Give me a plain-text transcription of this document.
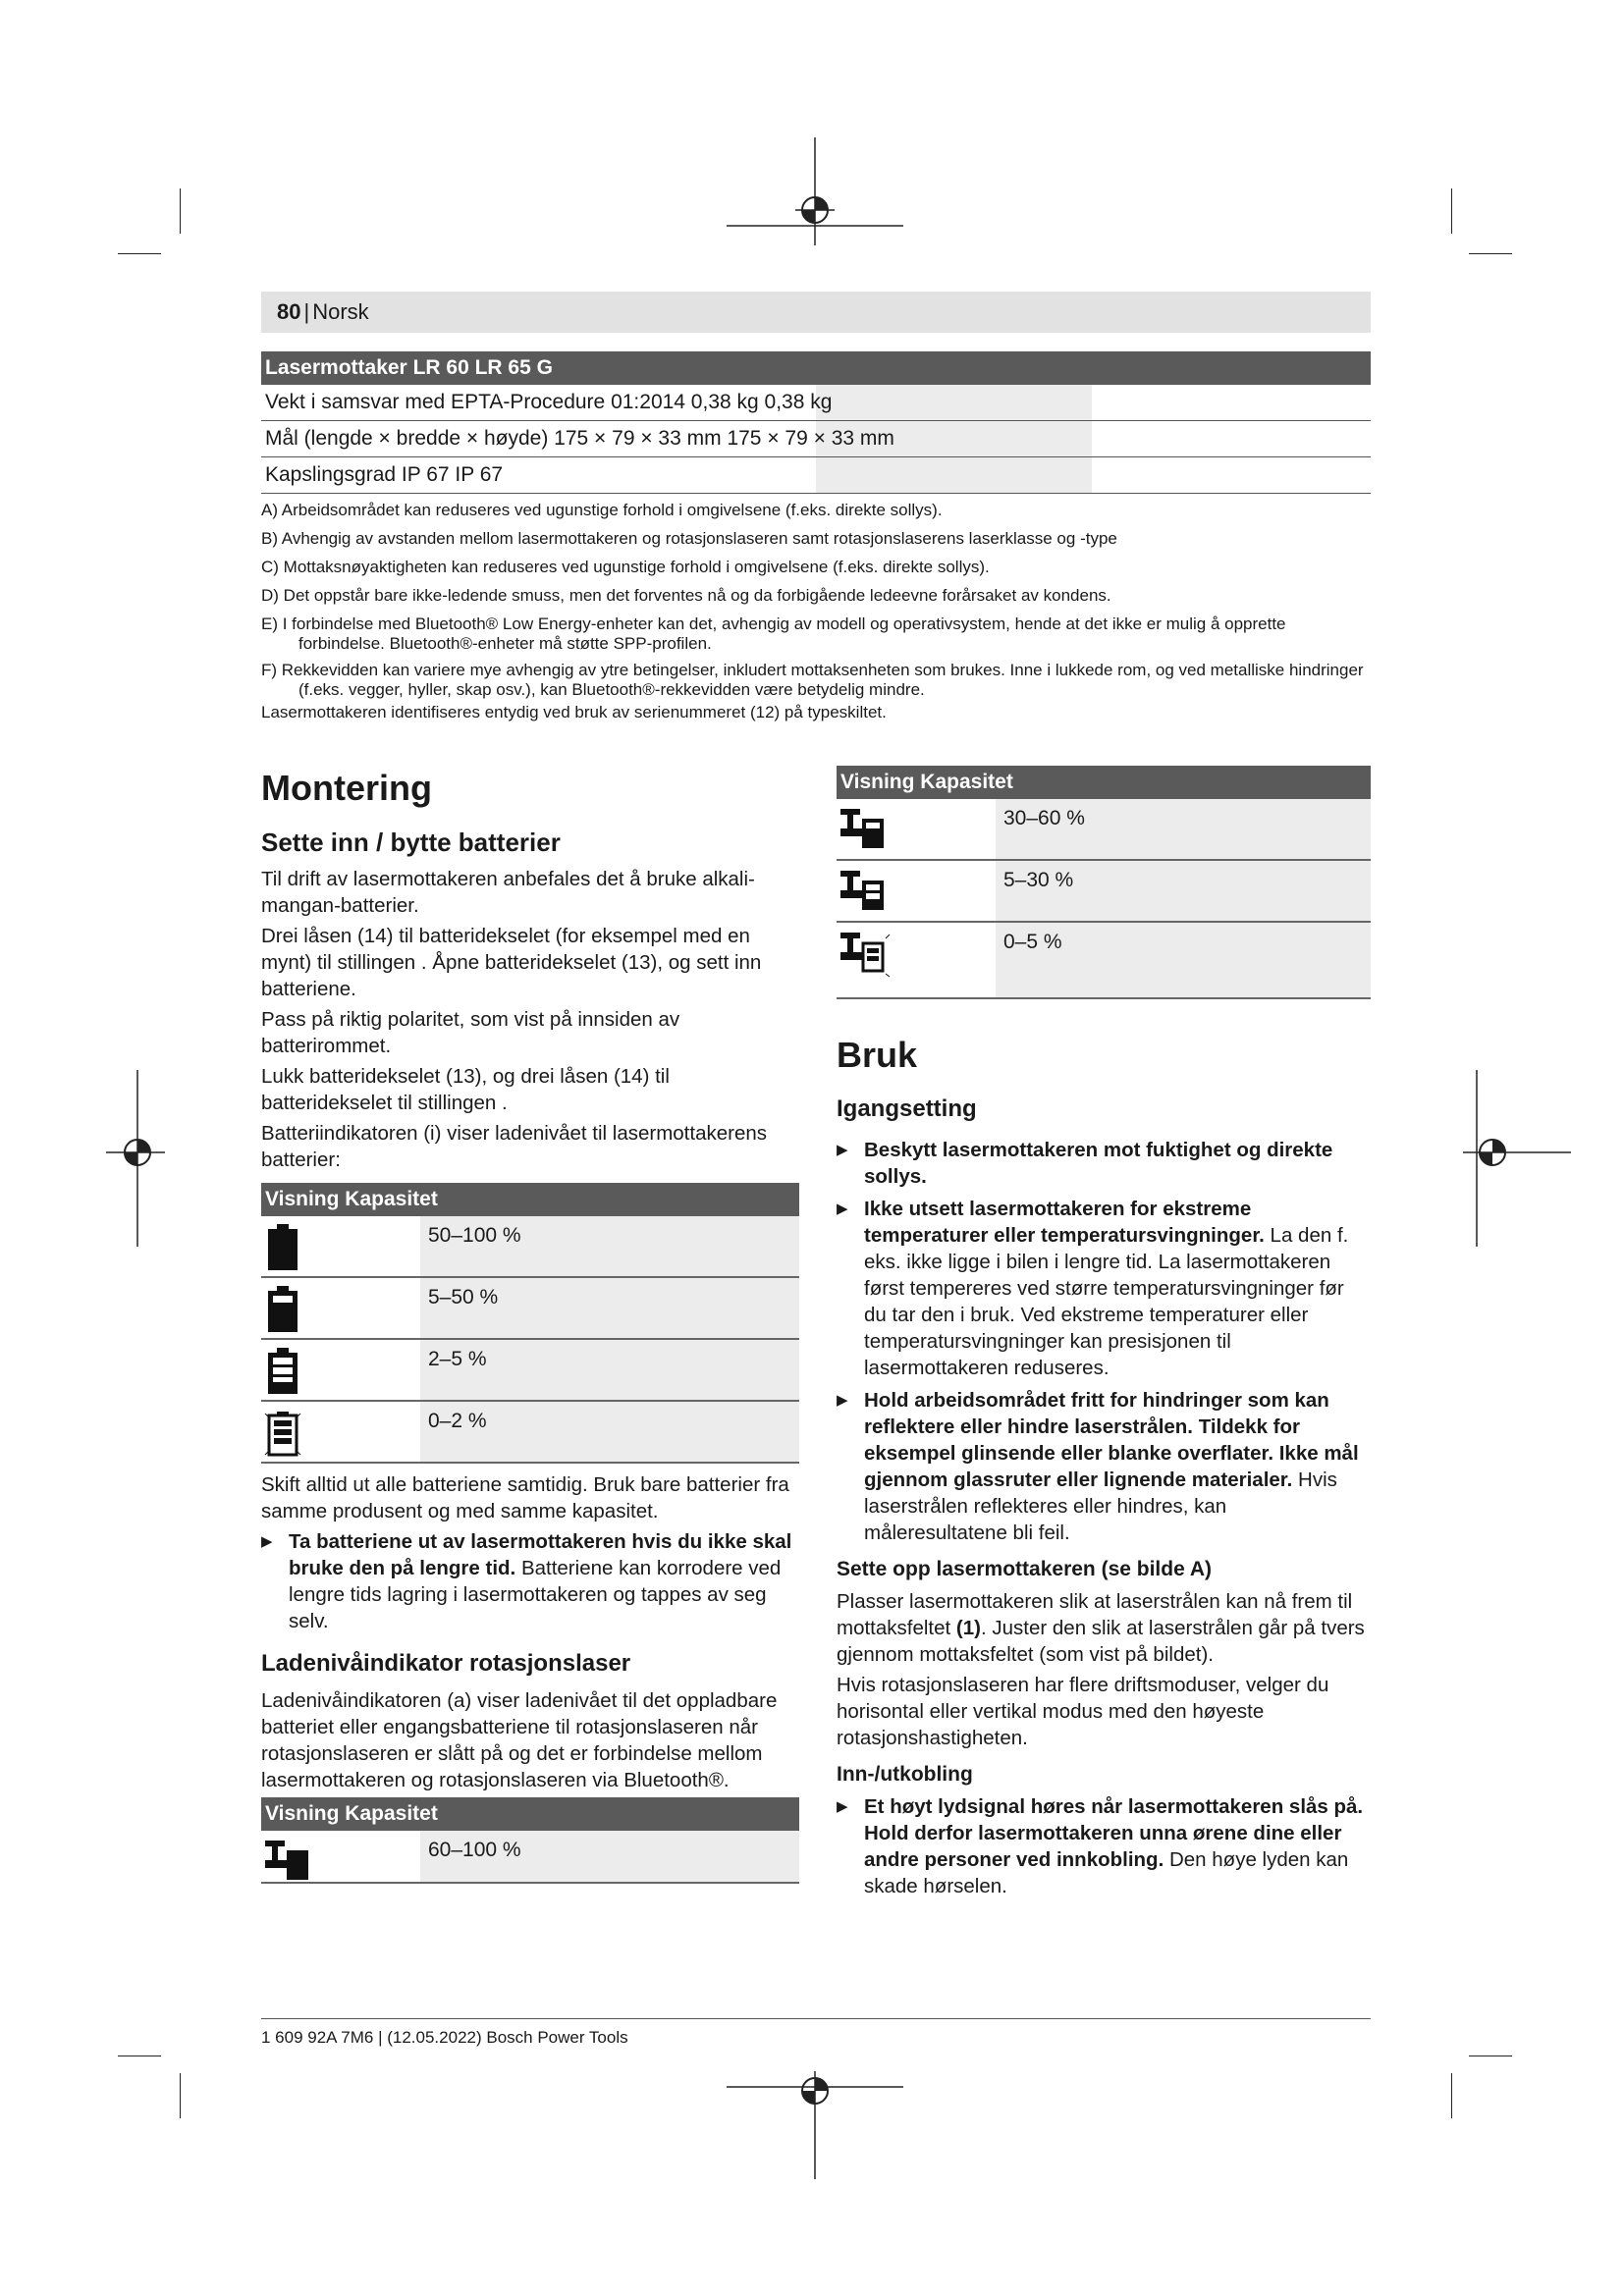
80 | Norsk
Lasermottaker LR 60 LR 65 G
Vekt i samsvar med EPTA-Procedure 01:2014 0,38 kg 0,38 kg
Mål (lengde × bredde × høyde) 175 × 79 × 33 mm 175 × 79 × 33 mm
Kapslingsgrad IP 67 IP 67

A) Arbeidsområdet kan reduseres ved ugunstige forhold i omgivelsene (f.eks. direkte sollys).

B) Avhengig av avstanden mellom lasermottakeren og rotasjonslaseren samt rotasjonslaserens laserklasse og -type

C) Mottaksnøyaktigheten kan reduseres ved ugunstige forhold i omgivelsene (f.eks. direkte sollys).

D) Det oppstår bare ikke-ledende smuss, men det forventes nå og da forbigående ledeevne forårsaket av kondens.

E) I forbindelse med Bluetooth® Low Energy-enheter kan det, avhengig av modell og operativsystem, hende at det ikke er mulig å opprette forbindelse. Bluetooth®-enheter må støtte SPP-profilen.

F) Rekkevidden kan variere mye avhengig av ytre betingelser, inkludert mottaksenheten som brukes. Inne i lukkede rom, og ved metalliske hindringer (f.eks. vegger, hyller, skap osv.), kan Bluetooth®-rekkevidden være betydelig mindre.

Lasermottakeren identifiseres entydig ved bruk av serienummeret (12) på typeskiltet.

Montering
Sette inn / bytte batterier

Til drift av lasermottakeren anbefales det å bruke alkali-mangan-batterier.

Drei låsen (14) til batteridekselet (for eksempel med en mynt) til stillingen . Åpne batteridekselet (13), og sett inn batteriene.

Pass på riktig polaritet, som vist på innsiden av batterirommet.

Lukk batteridekselet (13), og drei låsen (14) til batteridekselet til stillingen .

Batteriindikatoren (i) viser ladenivået til lasermottakerens batterier:

Visning Kapasitet
50–100 %
5–50 %
2–5 %
0–2 %

Skift alltid ut alle batteriene samtidig. Bruk bare batterier fra samme produsent og med samme kapasitet.

▶ Ta batteriene ut av lasermottakeren hvis du ikke skal bruke den på lengre tid. Batteriene kan korrodere ved lengre tids lagring i lasermottakeren og tappes av seg selv.

Ladenivåindikator rotasjonslaser

Ladenivåindikatoren (a) viser ladenivået til det oppladbare batteriet eller engangsbatteriene til rotasjonslaseren når rotasjonslaseren er slått på og det er forbindelse mellom lasermottakeren og rotasjonslaseren via Bluetooth®.

Visning Kapasitet
60–100 %
Visning Kapasitet
30–60 %
5–30 %
0–5 %
Bruk
Igangsetting

▶ Beskytt lasermottakeren mot fuktighet og direkte sollys.

▶ Ikke utsett lasermottakeren for ekstreme temperaturer eller temperatursvingninger. La den f. eks. ikke ligge i bilen i lengre tid. La lasermottakeren først tempereres ved større temperatursvingninger før du tar den i bruk. Ved ekstreme temperaturer eller temperatursvingninger kan presisjonen til lasermottakeren reduseres.

▶ Hold arbeidsområdet fritt for hindringer som kan reflektere eller hindre laserstrålen. Tildekk for eksempel glinsende eller blanke overflater. Ikke mål gjennom glassruter eller lignende materialer. Hvis laserstrålen reflekteres eller hindres, kan måleresultatene bli feil.

Sette opp lasermottakeren (se bilde A)

Plasser lasermottakeren slik at laserstrålen kan nå frem til mottaksfeltet (1). Juster den slik at laserstrålen går på tvers gjennom mottaksfeltet (som vist på bildet).

Hvis rotasjonslaseren har flere driftsmoduser, velger du horisontal eller vertikal modus med den høyeste rotasjonshastigheten.

Inn-/utkobling

▶ Et høyt lydsignal høres når lasermottakeren slås på. Hold derfor lasermottakeren unna ørene dine eller andre personer ved innkobling. Den høye lyden kan skade hørselen.

1 609 92A 7M6 | (12.05.2022) Bosch Power Tools
